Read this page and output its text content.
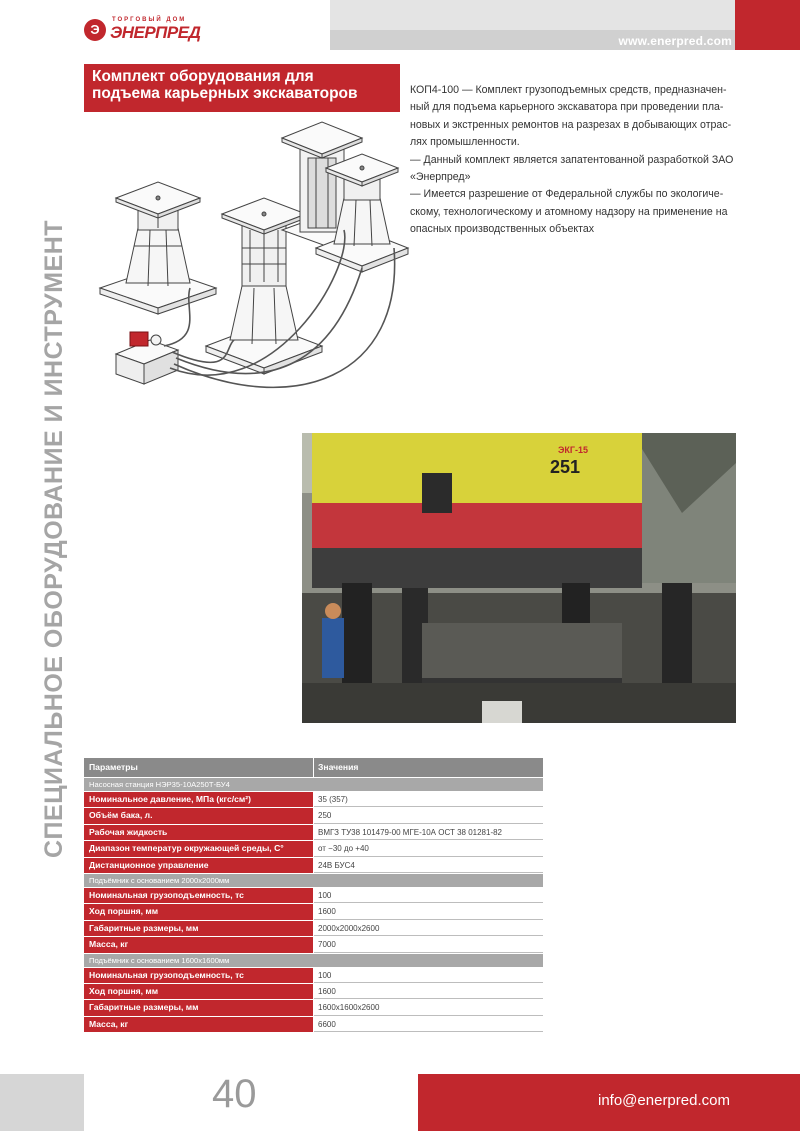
Э
ТОРГОВЫЙ ДОМ
ЭНЕРПРЕД	www.enerpred.com
СПЕЦИАЛЬНОЕ ОБОРУДОВАНИЕ И ИНСТРУМЕНТ
Комплект оборудования для
подъема карьерных экскаваторов	КОП4-100 — Комплект грузоподъемных средств, предназначен-

ный для подъема карьерного экскаватора при проведении пла-

новых и экстренных ремонтов на разрезах в добывающих отрас-

лях промышленности.

— Данный комплект является запатентованной разработкой ЗАО

«Энерпред»

— Имеется разрешение от Федеральной службы по экологиче-

скому, технологическому и атомному надзору на применение на

опасных производственных объектах

251
ЭКГ-15
Параметры	Значения
Насосная станция НЭР35-10А250Т-БУ4
Номинальное давление, МПа (кгс/см²)	35 (357)
Объём бака, л.	250
Рабочая жидкость	ВМГЗ ТУ38 101479-00 МГЕ-10А ОСТ 38 01281-82
Диапазон температур окружающей среды, С°	от −30 до +40
Дистанционное управление	24В БУС4
Подъёмник с основанием 2000х2000мм
Номинальная грузоподъемность, тс	100
Ход поршня, мм	1600
Габаритные размеры, мм	2000x2000x2600
Масса, кг	7000
Подъёмник с основанием 1600х1600мм
Номинальная грузоподъемность, тс	100
Ход поршня, мм	1600
Габаритные размеры, мм	1600x1600x2600
Масса, кг	6600
40	info@enerpred.com
